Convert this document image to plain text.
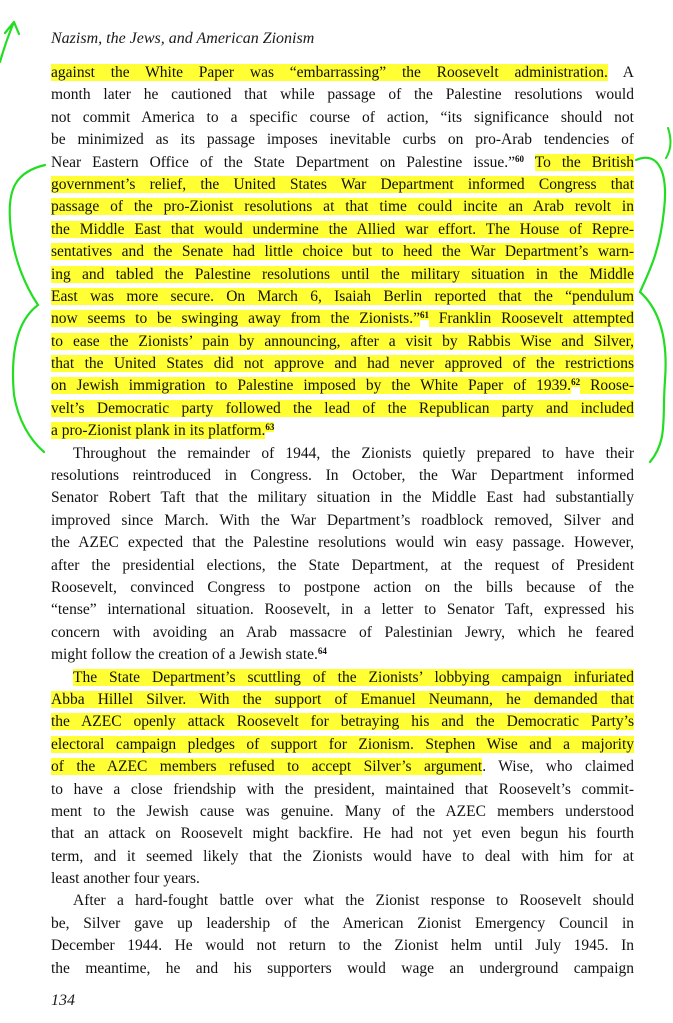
Nazism, the Jews, and American Zionism
against the White Paper was “embarrassing” the Roosevelt administration. A
month later he cautioned that while passage of the Palestine resolutions would
not commit America to a specific course of action, “its significance should not
be minimized as its passage imposes inevitable curbs on pro-Arab tendencies of
Near Eastern Office of the State Department on Palestine issue.”$^{60}$ To the British
government’s relief, the United States War Department informed Congress that
passage of the pro-Zionist resolutions at that time could incite an Arab revolt in
the Middle East that would undermine the Allied war effort. The House of Repre-
sentatives and the Senate had little choice but to heed the War Department’s warn-
ing and tabled the Palestine resolutions until the military situation in the Middle
East was more secure. On March 6, Isaiah Berlin reported that the “pendulum
now seems to be swinging away from the Zionists.”$^{61}$ Franklin Roosevelt attempted
to ease the Zionists’ pain by announcing, after a visit by Rabbis Wise and Silver,
that the United States did not approve and had never approved of the restrictions
on Jewish immigration to Palestine imposed by the White Paper of 1939.62 Roose-
velt’s Democratic party followed the lead of the Republican party and included
a pro-Zionist plank in its platform.$^{63}$
Throughout the remainder of 1944, the Zionists quietly prepared to have their
resolutions reintroduced in Congress. In October, the War Department informed
Senator Robert Taft that the military situation in the Middle East had substantially
improved since March. With the War Department’s roadblock removed, Silver and
the AZEC expected that the Palestine resolutions would win easy passage. However,
after the presidential elections, the State Department, at the request of President
Roosevelt, convinced Congress to postpone action on the bills because of the
“tense” international situation. Roosevelt, in a letter to Senator Taft, expressed his
concern with avoiding an Arab massacre of Palestinian Jewry, which he feared
might follow the creation of a Jewish state.$^{64}$
The State Department’s scuttling of the Zionists’ lobbying campaign infuriated
Abba Hillel Silver. With the support of Emanuel Neumann, he demanded that
the AZEC openly attack Roosevelt for betraying his and the Democratic Party’s
electoral campaign pledges of support for Zionism. Stephen Wise and a majority
of the AZEC members refused to accept Silver’s argument. Wise, who claimed
to have a close friendship with the president, maintained that Roosevelt’s commit-
ment to the Jewish cause was genuine. Many of the AZEC members understood
that an attack on Roosevelt might backfire. He had not yet even begun his fourth
term, and it seemed likely that the Zionists would have to deal with him for at
least another four years.
After a hard-fought battle over what the Zionist response to Roosevelt should
be, Silver gave up leadership of the American Zionist Emergency Council in
December 1944. He would not return to the Zionist helm until July 1945. In
the meantime, he and his supporters would wage an underground campaign
134
